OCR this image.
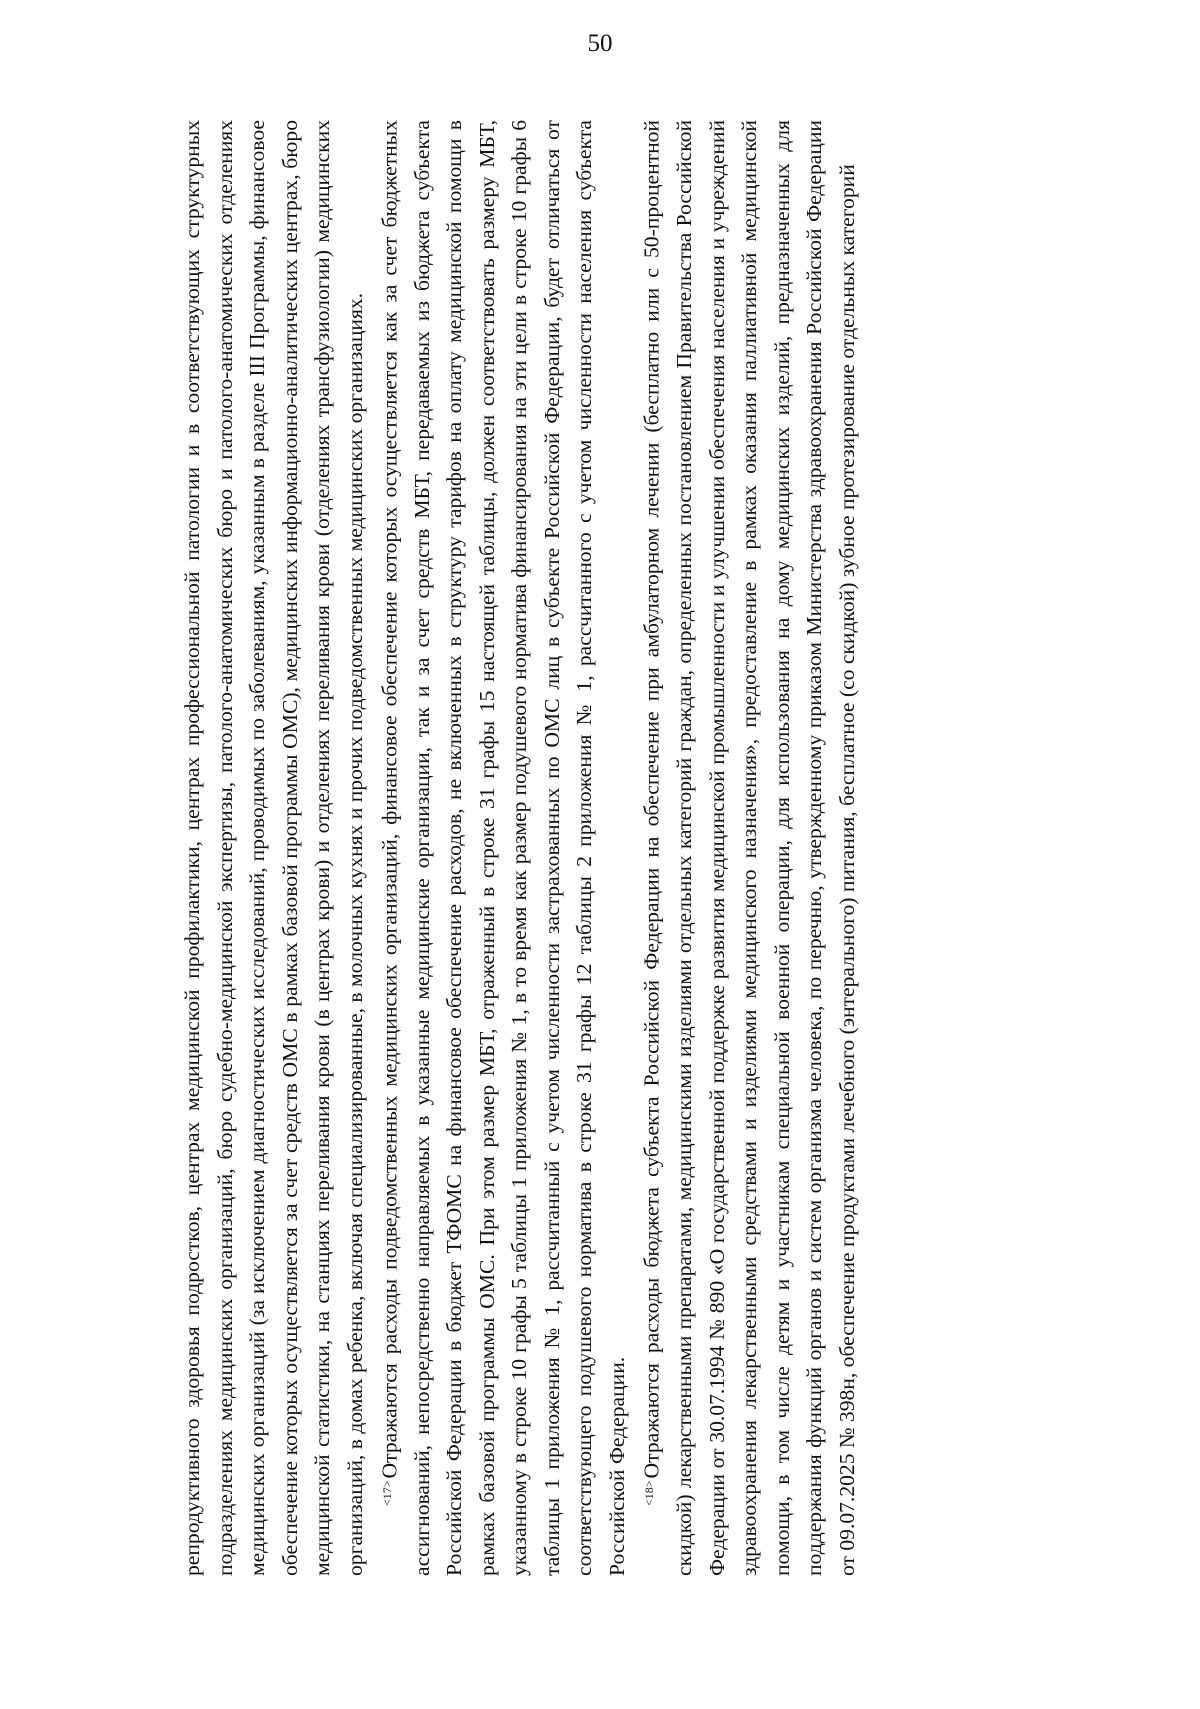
50

репродуктивного здоровья подростков, центрах медицинской профилактики, центрах профессиональной патологии и в соответствующих структурных подразделениях медицинских организаций, бюро судебно-медицинской экспертизы, патолого-анатомических бюро и патолого-анатомических отделениях медицинских организаций (за исключением диагностических исследований, проводимых по заболеваниям, указанным в разделе III Программы, финансовое обеспечение которых осуществляется за счет средств ОМС в рамках базовой программы ОМС), медицинских информационно-аналитических центрах, бюро медицинской статистики, на станциях переливания крови (в центрах крови) и отделениях переливания крови (отделениях трансфузиологии) медицинских организаций, в домах ребенка, включая специализированные, в молочных кухнях и прочих подведомственных медицинских организациях.	$^{<17>}$Отражаются расходы подведомственных медицинских организаций, финансовое обеспечение которых осуществляется как за счет бюджетных ассигнований, непосредственно направляемых в указанные медицинские организации, так и за счет средств МБТ, передаваемых из бюджета субъекта Российской Федерации в бюджет ТФОМС на финансовое обеспечение расходов, не включенных в структуру тарифов на оплату медицинской помощи в рамках базовой программы ОМС. При этом размер МБТ, отраженный в строке 31 графы 15 настоящей таблицы, должен соответствовать размеру МБТ, указанному в строке 10 графы 5 таблицы 1 приложения № 1, в то время как размер подушевого норматива финансирования на эти цели в строке 10 графы 6 таблицы 1 приложения № 1, рассчитанный с учетом численности застрахованных по ОМС лиц в субъекте Российской Федерации, будет отличаться от соответствующего подушевого норматива в строке 31 графы 12 таблицы 2 приложения № 1, рассчитанного с учетом численности населения субъекта Российской Федерации.	$^{<18>}$Отражаются расходы бюджета субъекта Российской Федерации на обеспечение при амбулаторном лечении (бесплатно или с 50-процентной скидкой) лекарственными препаратами, медицинскими изделиями отдельных категорий граждан, определенных постановлением Правительства Российской Федерации от 30.07.1994 № 890 «О государственной поддержке развития медицинской промышленности и улучшении обеспечения населения и учреждений здравоохранения лекарственными средствами и изделиями медицинского назначения», предоставление в рамках оказания паллиативной медицинской помощи, в том числе детям и участникам специальной военной операции, для использования на дому медицинских изделий, предназначенных для поддержания функций органов и систем организма человека, по перечню, утвержденному приказом Министерства здравоохранения Российской Федерации от 09.07.2025 № 398н, обеспечение продуктами лечебного (энтерального) питания, бесплатное (со скидкой) зубное протезирование отдельных категорий
